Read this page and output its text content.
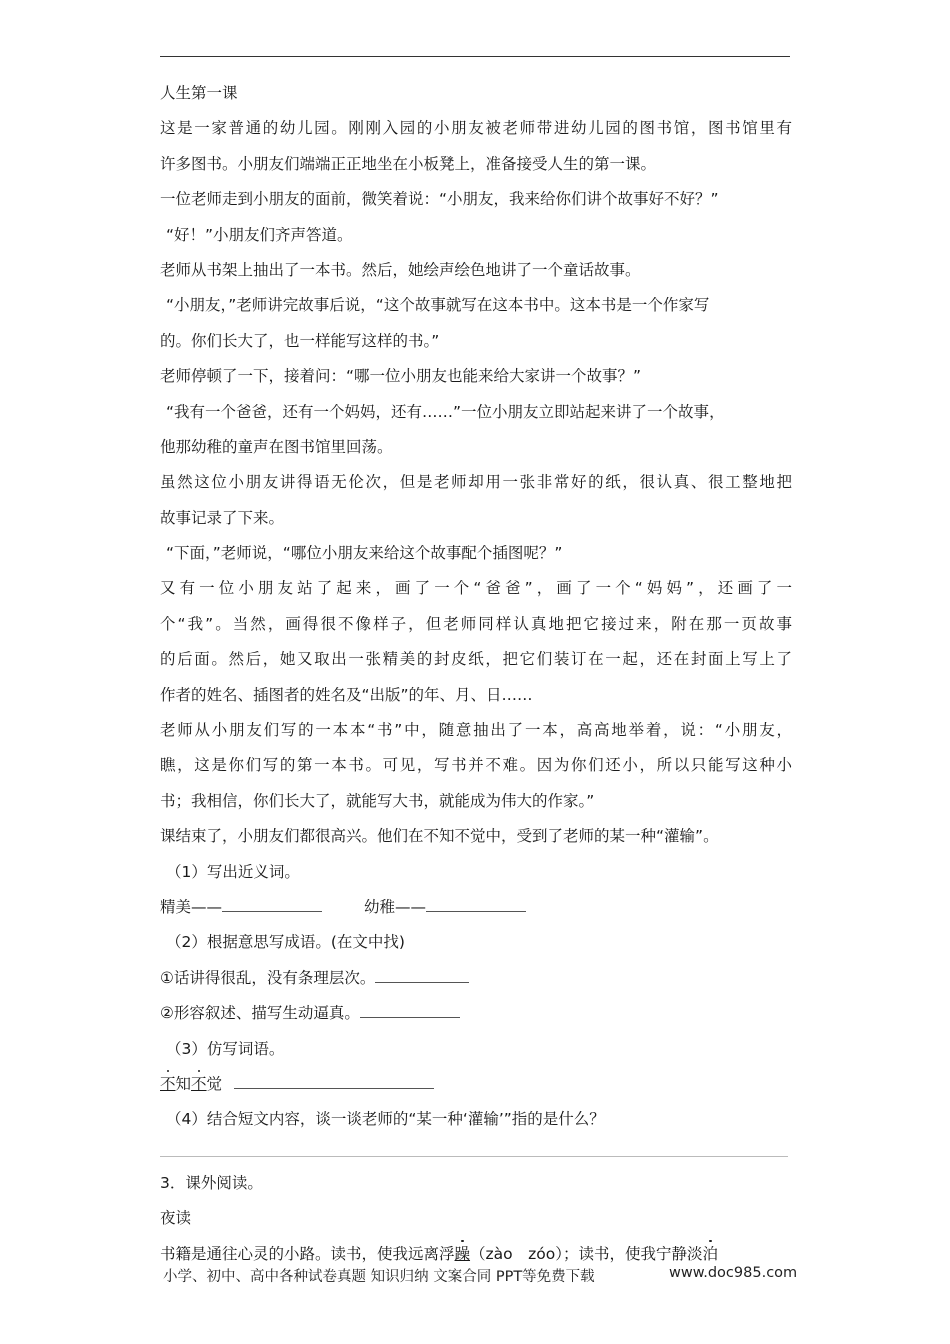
人生第一课
这是一家普通的幼儿园。刚刚入园的小朋友被老师带进幼儿园的图书馆，图书馆里有
许多图书。小朋友们端端正正地坐在小板凳上，准备接受人生的第一课。
一位老师走到小朋友的面前，微笑着说：“小朋友，我来给你们讲个故事好不好？”
“好！”小朋友们齐声答道。
老师从书架上抽出了一本书。然后，她绘声绘色地讲了一个童话故事。
“小朋友，”老师讲完故事后说，“这个故事就写在这本书中。这本书是一个作家写
的。你们长大了，也一样能写这样的书。”
老师停顿了一下，接着问：“哪一位小朋友也能来给大家讲一个故事？”
“我有一个爸爸，还有一个妈妈，还有……”一位小朋友立即站起来讲了一个故事，
他那幼稚的童声在图书馆里回荡。
虽然这位小朋友讲得语无伦次，但是老师却用一张非常好的纸，很认真、很工整地把
故事记录了下来。
“下面，”老师说，“哪位小朋友来给这个故事配个插图呢？”
又有一位小朋友站了起来，画了一个“爸爸”，画了一个“妈妈”，还画了一
个“我”。当然，画得很不像样子，但老师同样认真地把它接过来，附在那一页故事
的后面。然后，她又取出一张精美的封皮纸，把它们装订在一起，还在封面上写上了
作者的姓名、插图者的姓名及“出版”的年、月、日……
老师从小朋友们写的一本本“书”中，随意抽出了一本，高高地举着，说：“小朋友，
瞧，这是你们写的第一本书。可见，写书并不难。因为你们还小，所以只能写这种小
书；我相信，你们长大了，就能写大书，就能成为伟大的作家。”
课结束了，小朋友们都很高兴。他们在不知不觉中，受到了老师的某一种“灌输”。
（1）写出近义词。
精美——	幼稚——
（2）根据意思写成语。(在文中找)
①话讲得很乱，没有条理层次。
②形容叙述、描写生动逼真。
（3）仿写词语。
不知不觉
（4）结合短文内容，谈一谈老师的“某一种‘灌输’”指的是什么？
3．课外阅读。
夜读
书籍是通往心灵的小路。读书，使我远离浮躁（zào　zóo）；读书，使我宁静淡泊
小学、初中、高中各种试卷真题 知识归纳 文案合同 PPT等免费下载	www.doc985.com
